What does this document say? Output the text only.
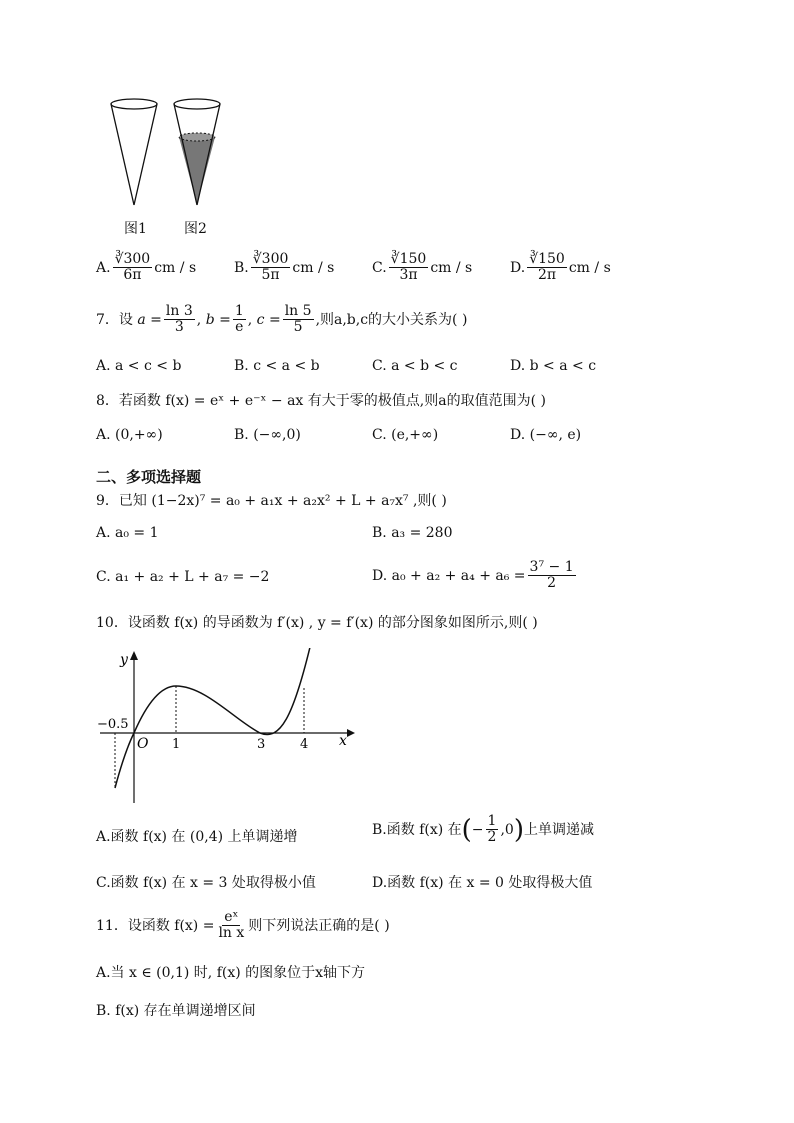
图1	图2
A. $\frac{∛300}{6\pi}$ cm / s	B. $\frac{∛300}{5\pi}$ cm / s	C. $\frac{∛150}{3\pi}$ cm / s	D. $\frac{∛150}{2\pi}$ cm / s
7．设 $a = \frac{\ln 3}{3}$ , $b = \frac{1}{e}$ , $c = \frac{\ln 5}{5}$ ,则a,b,c的大小关系为( )
A. a < c < b	B. c < a < b	C. a < b < c	D. b < a < c
8．若函数 f(x) = eˣ + e⁻ˣ − ax 有大于零的极值点,则a的取值范围为( )
A. (0,+∞)	B. (−∞,0)	C. (e,+∞)	D. (−∞, e)
二、多项选择题
9．已知 (1−2x)⁷ = a₀ + a₁x + a₂x² + L + a₇x⁷ ,则( )
A. a₀ = 1	B. a₃ = 280
C. a₁ + a₂ + L + a₇ = −2	D. $a_0 + a_2 + a_4 + a_6 = \frac{\text{3⁷ − 1}}{2}$
10．设函数 f(x) 的导函数为 f′(x) , y = f′(x) 的部分图象如图所示,则( )
y
x
O
−0.5
1	3	4
A.函数 f(x) 在 (0,4) 上单调递增	B.函数 f(x) 在(− $\frac{1}{2} ,0$)上单调递减
C.函数 f(x) 在 x = 3 处取得极小值	D.函数 f(x) 在 x = 0 处取得极大值
11．设函数 $f(x) = \frac{\text{eˣ}}{\text{ln x}}$ 则下列说法正确的是( )
A.当 x ∈ (0,1) 时, f(x) 的图象位于x轴下方
B. f(x) 存在单调递增区间
